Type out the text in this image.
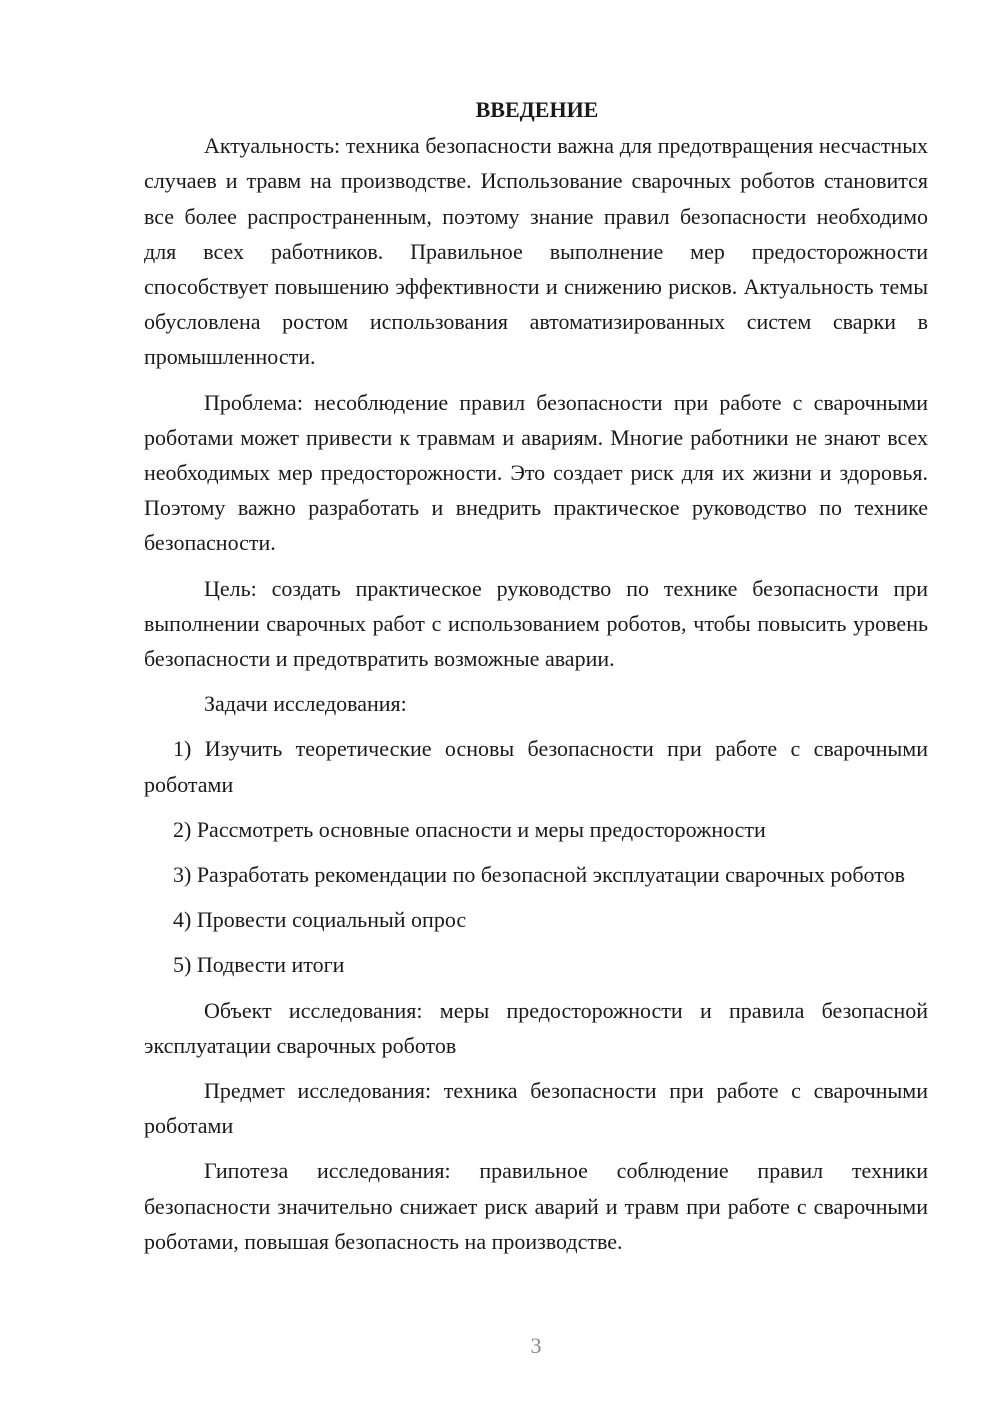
ВВЕДЕНИЕ

Актуальность: техника безопасности важна для предотвращения несчастных случаев и травм на производстве. Использование сварочных роботов становится все более распространенным, поэтому знание правил безопасности необходимо для всех работников. Правильное выполнение мер предосторожности способствует повышению эффективности и снижению рисков. Актуальность темы обусловлена ростом использования автоматизированных систем сварки в промышленности.

Проблема: несоблюдение правил безопасности при работе с сварочными роботами может привести к травмам и авариям. Многие работники не знают всех необходимых мер предосторожности. Это создает риск для их жизни и здоровья. Поэтому важно разработать и внедрить практическое руководство по технике безопасности.

Цель: создать практическое руководство по технике безопасности при выполнении сварочных работ с использованием роботов, чтобы повысить уровень безопасности и предотвратить возможные аварии.

Задачи исследования:

1) Изучить теоретические основы безопасности при работе с сварочными роботами

2) Рассмотреть основные опасности и меры предосторожности

3) Разработать рекомендации по безопасной эксплуатации сварочных роботов

4) Провести социальный опрос

5) Подвести итоги

Объект исследования: меры предосторожности и правила безопасной эксплуатации сварочных роботов

Предмет исследования: техника безопасности при работе с сварочными роботами

Гипотеза исследования: правильное соблюдение правил техники безопасности значительно снижает риск аварий и травм при работе с сварочными роботами, повышая безопасность на производстве.

3
